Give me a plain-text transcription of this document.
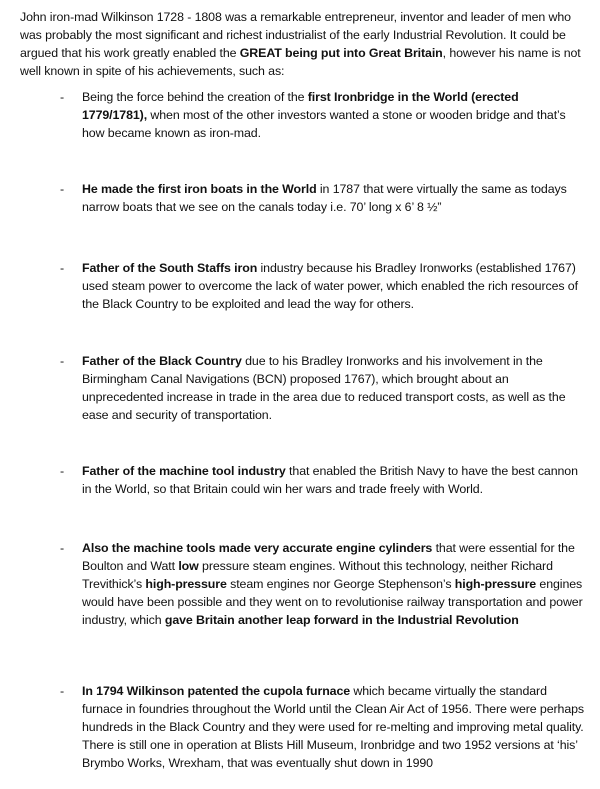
John iron-mad Wilkinson 1728 - 1808 was a remarkable entrepreneur, inventor and leader of men who was probably the most significant and richest industrialist of the early Industrial Revolution. It could be argued that his work greatly enabled the GREAT being put into Great Britain, however his name is not well known in spite of his achievements, such as:

-	Being the force behind the creation of the first Ironbridge in the World (erected 1779/1781), when most of the other investors wanted a stone or wooden bridge and that’s how became known as iron-mad.
-	He made the first iron boats in the World in 1787 that were virtually the same as todays narrow boats that we see on the canals today i.e. 70’ long x 6’ 8 ½”
-	Father of the South Staffs iron industry because his Bradley Ironworks (established 1767) used steam power to overcome the lack of water power, which enabled the rich resources of the Black Country to be exploited and lead the way for others.
-	Father of the Black Country due to his Bradley Ironworks and his involvement in the Birmingham Canal Navigations (BCN) proposed 1767), which brought about an unprecedented increase in trade in the area due to reduced transport costs, as well as the ease and security of transportation.
-	Father of the machine tool industry that enabled the British Navy to have the best cannon in the World, so that Britain could win her wars and trade freely with World.
-	Also the machine tools made very accurate engine cylinders that were essential for the Boulton and Watt low pressure steam engines. Without this technology, neither Richard Trevithick’s high-pressure steam engines nor George Stephenson’s high-pressure engines would have been possible and they went on to revolutionise railway transportation and power industry, which gave Britain another leap forward in the Industrial Revolution
-	In 1794 Wilkinson patented the cupola furnace which became virtually the standard furnace in foundries throughout the World until the Clean Air Act of 1956. There were perhaps hundreds in the Black Country and they were used for re-melting and improving metal quality. There is still one in operation at Blists Hill Museum, Ironbridge and two 1952 versions at ‘his’ Brymbo Works, Wrexham, that was eventually shut down in 1990
